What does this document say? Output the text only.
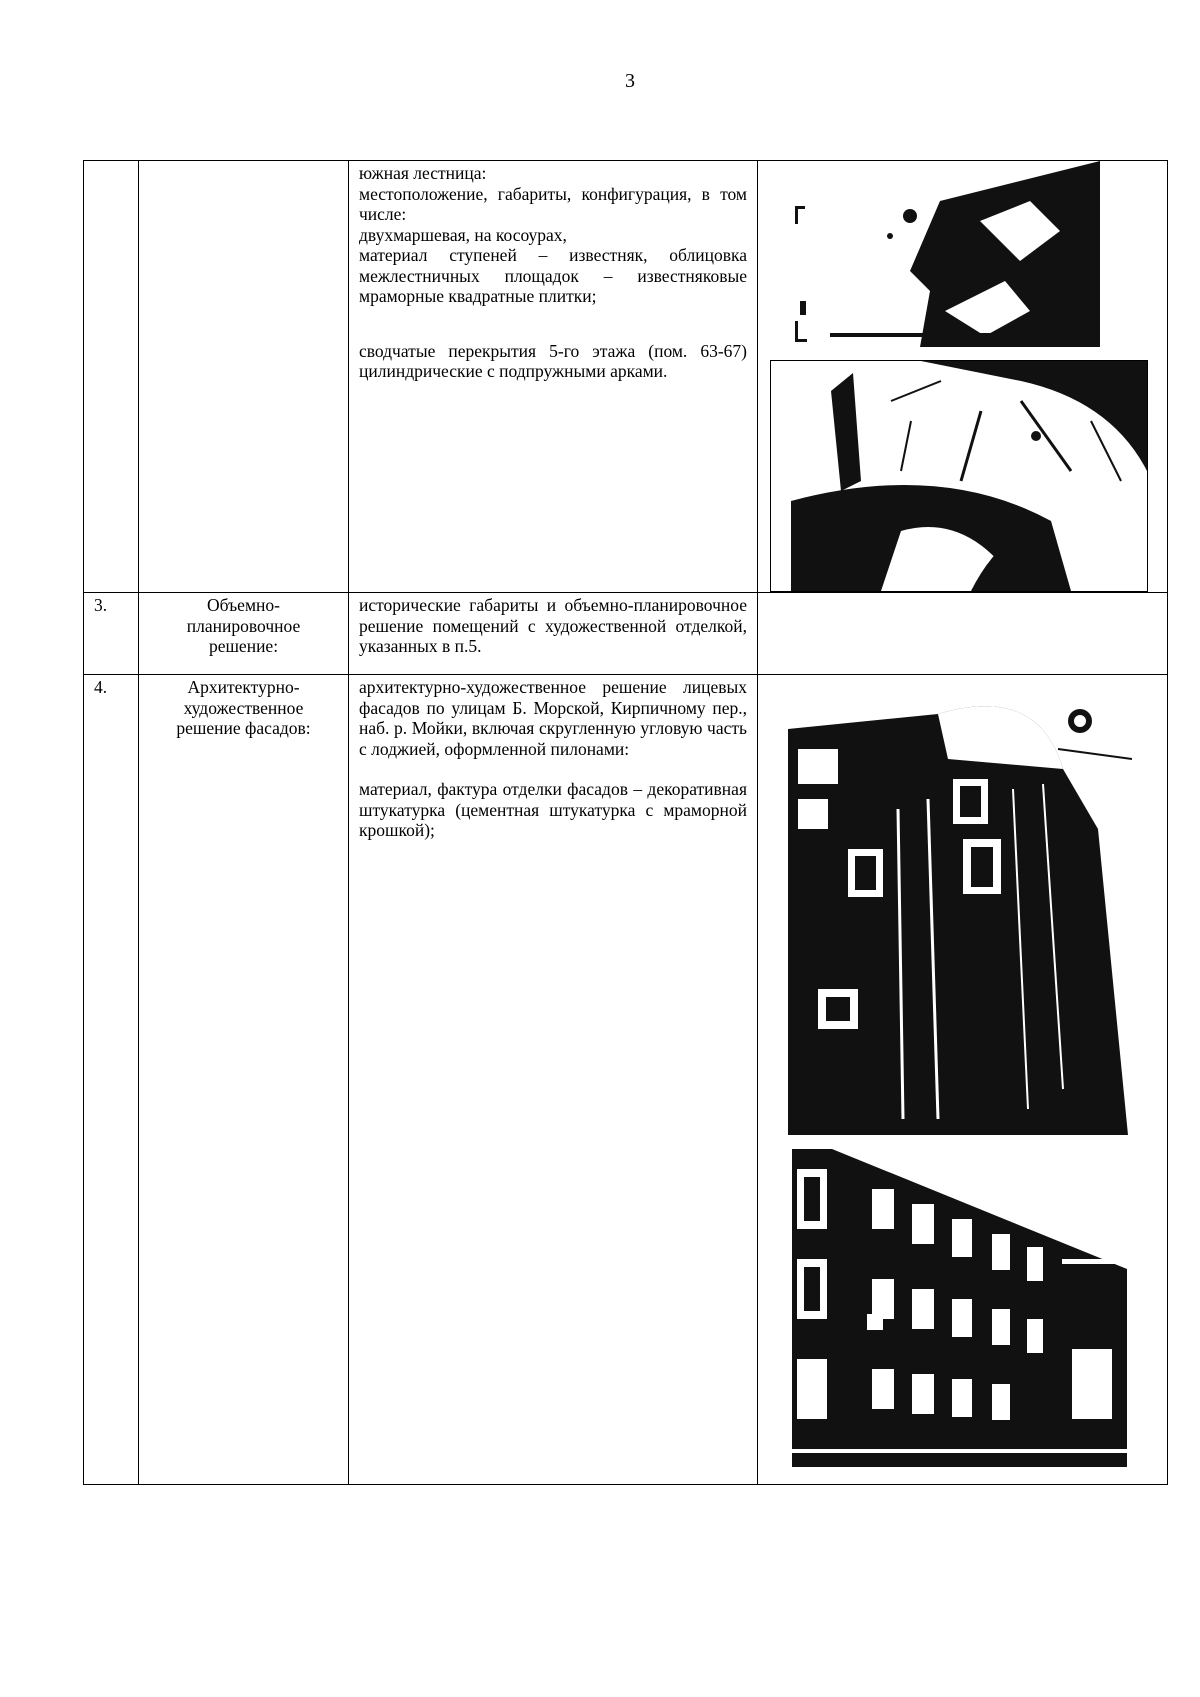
3

		южная лестница:

местоположение, габариты, конфигурация, в том числе:

двухмаршевая, на косоурах,

материал ступеней – известняк, облицовка межлестничных площадок – известняковые мраморные квадратные плитки;

сводчатые перекрытия 5-го этажа (пом. 63-67) цилиндрические с подпружными арками.

3.	Объемно-планировочное решение:	исторические габариты и объемно-планировочное решение помещений с художественной отделкой, указанных в п.5.	

4.	Архитектурно-художественное решение фасадов:	архитектурно-художественное решение лицевых фасадов по улицам Б. Морской, Кирпичному пер., наб. р. Мойки, включая скругленную угловую часть с лоджией, оформленной пилонами:

материал, фактура отделки фасадов – декоративная штукатурка (цементная штукатурка с мраморной крошкой);
